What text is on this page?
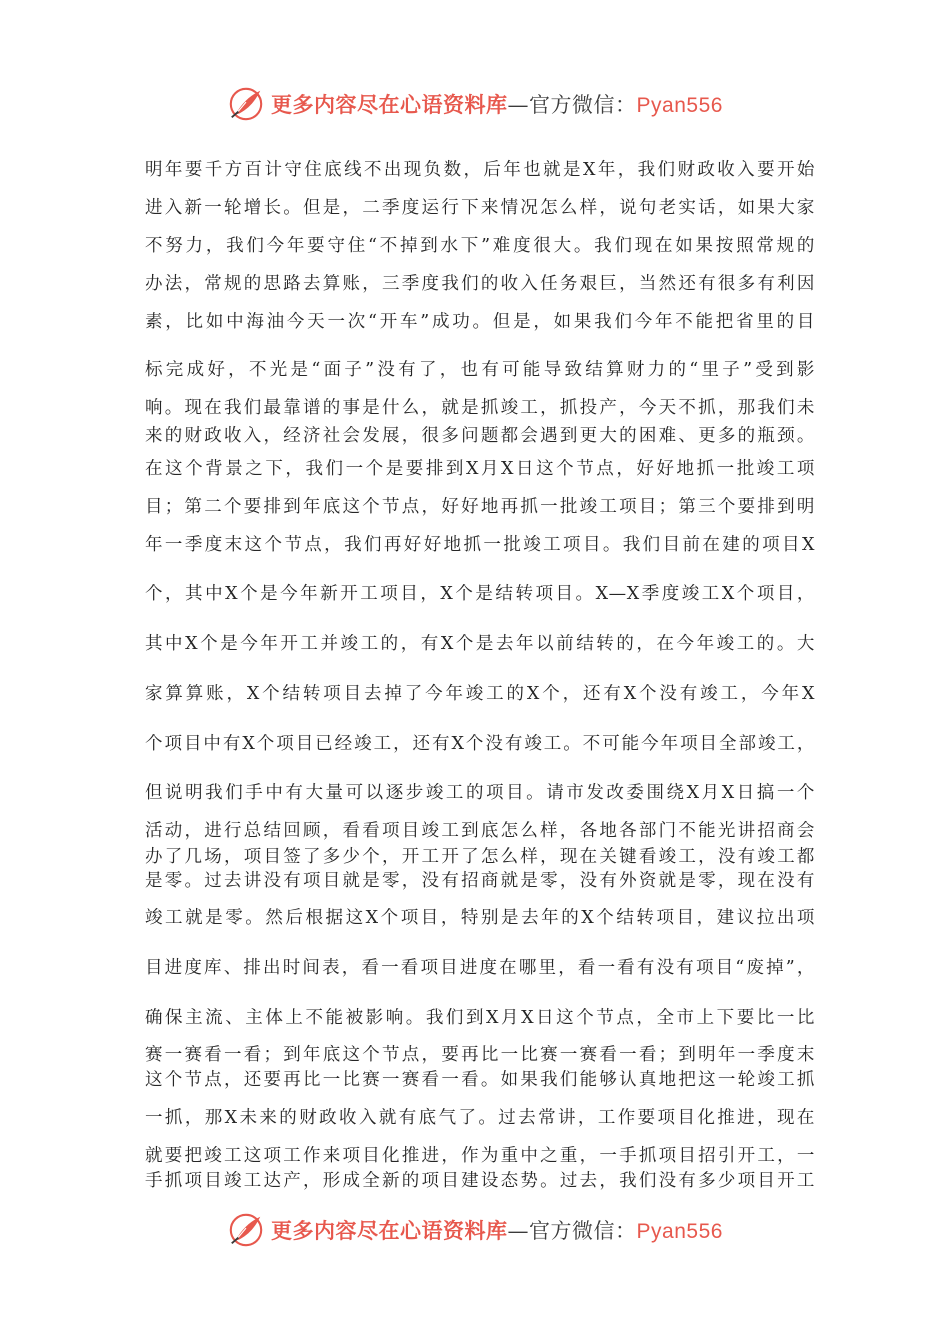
更多内容尽在心语资料库—官方微信：Pyan556
明年要千方百计守住底线不出现负数，后年也就是X年，我们财政收入要开始
进入新一轮增长。但是，二季度运行下来情况怎么样，说句老实话，如果大家
不努力，我们今年要守住“不掉到水下”难度很大。我们现在如果按照常规的
办法，常规的思路去算账，三季度我们的收入任务艰巨，当然还有很多有利因
素，比如中海油今天一次“开车”成功。但是，如果我们今年不能把省里的目
标完成好，不光是“面子”没有了，也有可能导致结算财力的“里子”受到影
响。现在我们最靠谱的事是什么，就是抓竣工，抓投产，今天不抓，那我们未
来的财政收入，经济社会发展，很多问题都会遇到更大的困难、更多的瓶颈。
在这个背景之下，我们一个是要排到X月X日这个节点，好好地抓一批竣工项
目；第二个要排到年底这个节点，好好地再抓一批竣工项目；第三个要排到明
年一季度末这个节点，我们再好好地抓一批竣工项目。我们目前在建的项目X
个，其中X个是今年新开工项目，X个是结转项目。X—X季度竣工X个项目，
其中X个是今年开工并竣工的，有X个是去年以前结转的，在今年竣工的。大
家算算账，X个结转项目去掉了今年竣工的X个，还有X个没有竣工，今年X
个项目中有X个项目已经竣工，还有X个没有竣工。不可能今年项目全部竣工，
但说明我们手中有大量可以逐步竣工的项目。请市发改委围绕X月X日搞一个
活动，进行总结回顾，看看项目竣工到底怎么样，各地各部门不能光讲招商会
办了几场，项目签了多少个，开工开了怎么样，现在关键看竣工，没有竣工都
是零。过去讲没有项目就是零，没有招商就是零，没有外资就是零，现在没有
竣工就是零。然后根据这X个项目，特别是去年的X个结转项目，建议拉出项
目进度库、排出时间表，看一看项目进度在哪里，看一看有没有项目“废掉”，
确保主流、主体上不能被影响。我们到X月X日这个节点，全市上下要比一比
赛一赛看一看；到年底这个节点，要再比一比赛一赛看一看；到明年一季度末
这个节点，还要再比一比赛一赛看一看。如果我们能够认真地把这一轮竣工抓
一抓，那X未来的财政收入就有底气了。过去常讲，工作要项目化推进，现在
就要把竣工这项工作来项目化推进，作为重中之重，一手抓项目招引开工，一
手抓项目竣工达产，形成全新的项目建设态势。过去，我们没有多少项目开工
更多内容尽在心语资料库—官方微信：Pyan556
